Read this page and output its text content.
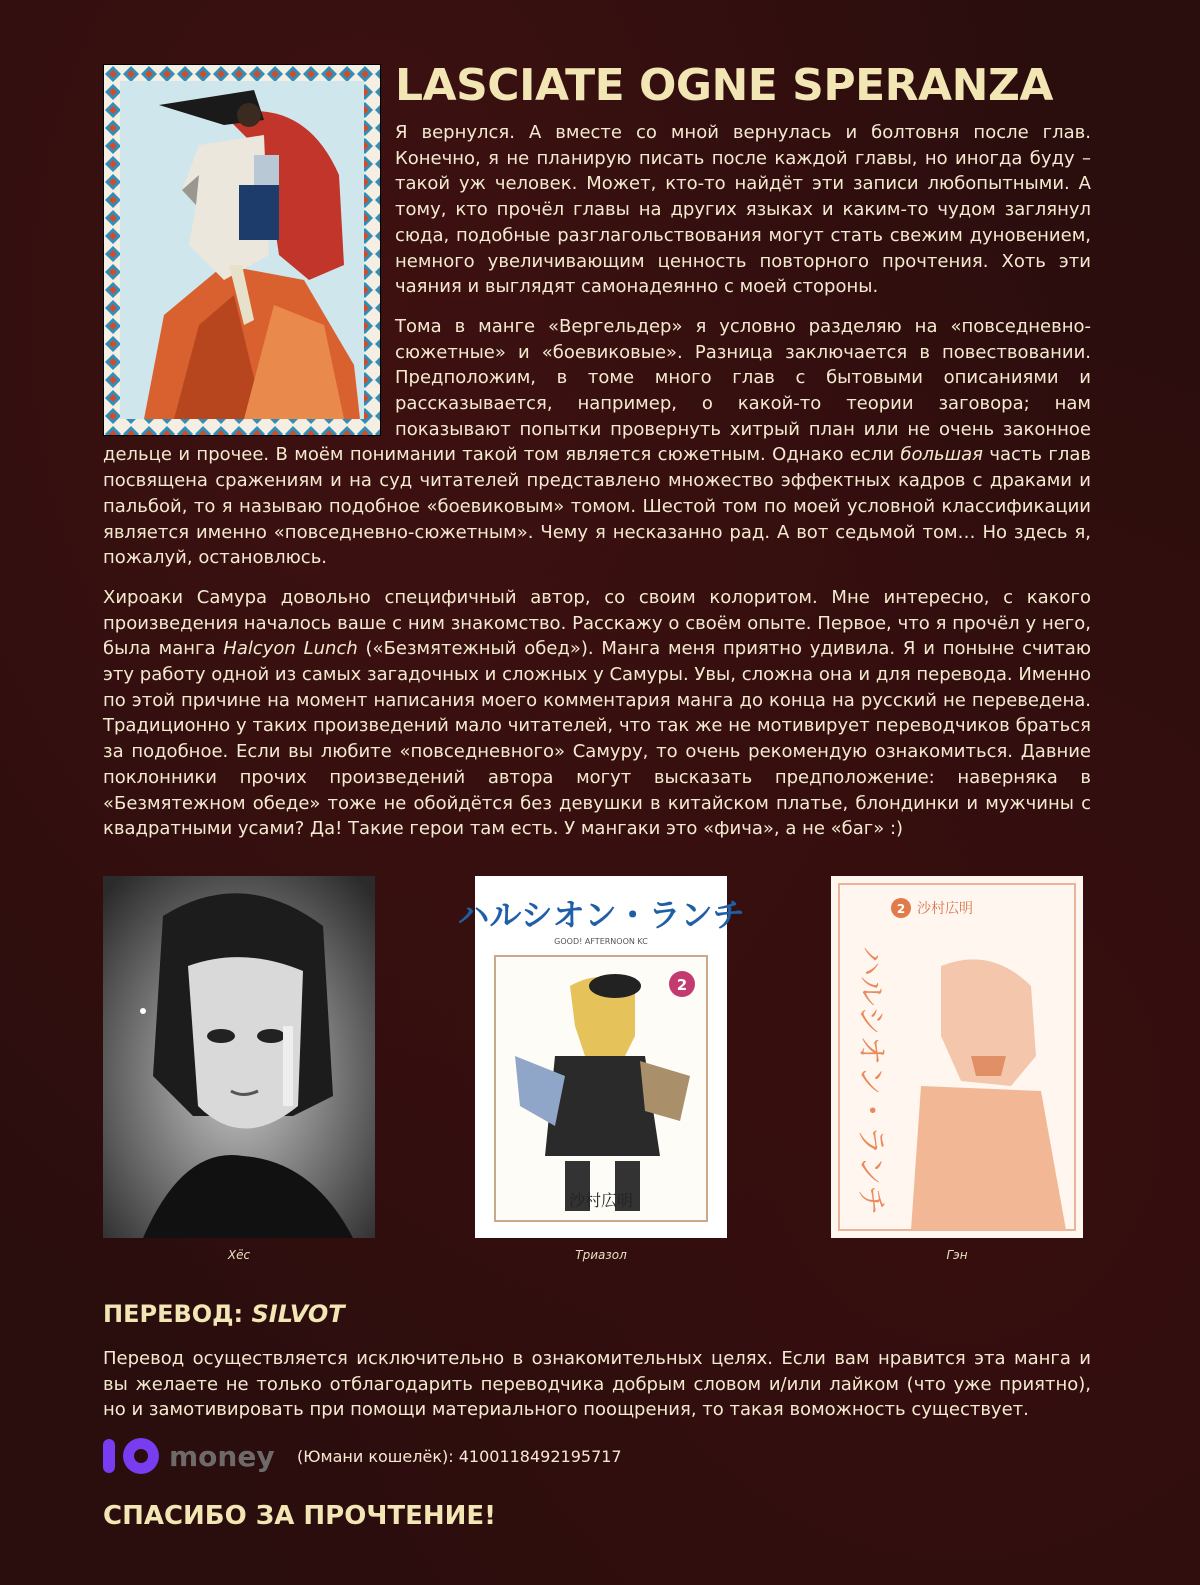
LASCIATE OGNE SPERANZA

Я вернулся. А вместе со мной вернулась и болтовня после глав. Конечно, я не планирую писать после каждой главы, но иногда буду – такой уж человек. Может, кто-то найдёт эти записи любопытными. А тому, кто прочёл главы на других языках и каким-то чудом заглянул сюда, подобные разглагольствования могут стать свежим дуновением, немного увеличивающим ценность повторного прочтения. Хоть эти чаяния и выглядят самонадеянно с моей стороны.

Тома в манге «Вергельдер» я условно разделяю на «повседневно-сюжетные» и «боевиковые». Разница заключается в повествовании. Предположим, в томе много глав с бытовыми описаниями и рассказывается, например, о какой-то теории заговора; нам показывают попытки провернуть хитрый план или не очень законное дельце и прочее. В моём понимании такой том является сюжетным. Однако если большая часть глав посвящена сражениям и на суд читателей представлено множество эффектных кадров с драками и пальбой, то я называю подобное «боевиковым» томом. Шестой том по моей условной классификации является именно «повседневно-сюжетным». Чему я несказанно рад. А вот седьмой том… Но здесь я, пожалуй, остановлюсь.

Хироаки Самура довольно специфичный автор, со своим колоритом. Мне интересно, с какого произведения началось ваше с ним знакомство. Расскажу о своём опыте. Первое, что я прочёл у него, была манга Halcyon Lunch («Безмятежный обед»). Манга меня приятно удивила. Я и поныне считаю эту работу одной из самых загадочных и сложных у Самуры. Увы, сложна она и для перевода. Именно по этой причине на момент написания моего комментария манга до конца на русский не переведена. Традиционно у таких произведений мало читателей, что так же не мотивирует переводчиков браться за подобное. Если вы любите «повседневного» Самуру, то очень рекомендую ознакомиться. Давние поклонники прочих произведений автора могут высказать предположение: наверняка в «Безмятежном обеде» тоже не обойдётся без девушки в китайском платье, блондинки и мужчины с квадратными усами? Да! Такие герои там есть. У мангаки это «фича», а не «баг» :)

Хёс
ハルシオン・ランチ
GOOD! AFTERNOON KC
2
沙村広明
Триазол
2 沙村広明
ハルシオン・ランチ
Гэн
ПЕРЕВОД: SILVOT

Перевод осуществляется исключительно в ознакомительных целях. Если вам нравится эта манга и вы желаете не только отблагодарить переводчика добрым словом и/или лайком (что уже приятно), но и замотивировать при помощи материального поощрения, то такая воможность существует.

money (Юмани кошелёк): 4100118492195717
СПАСИБО ЗА ПРОЧТЕНИЕ!
